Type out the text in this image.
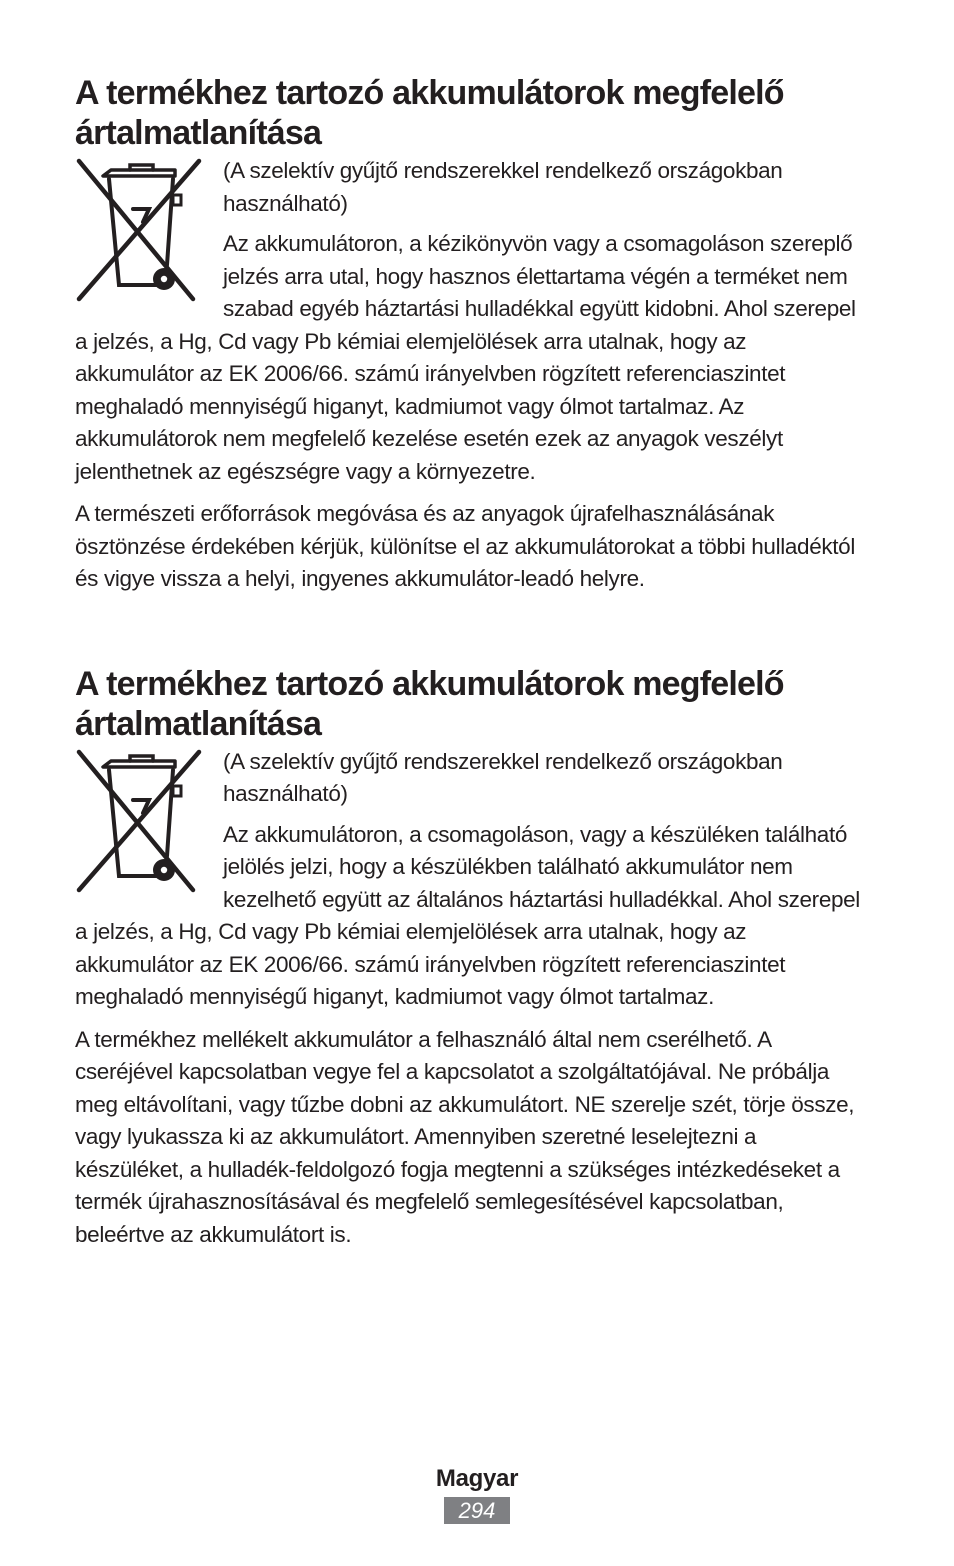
A termékhez tartozó akkumulátorok megfelelő ártalmatlanítása

(A szelektív gyűjtő rendszerekkel rendelkező országokban használható)

Az akkumulátoron, a kézikönyvön vagy a csomagoláson szereplő jelzés arra utal, hogy hasznos élettartama végén a terméket nem szabad egyéb háztartási hulladékkal együtt kidobni. Ahol szerepel a jelzés, a Hg, Cd vagy Pb kémiai elemjelölések arra utalnak, hogy az akkumulátor az EK 2006/66. számú irányelvben rögzített referenciaszintet meghaladó mennyiségű higanyt, kadmiumot vagy ólmot tartalmaz. Az akkumulátorok nem megfelelő kezelése esetén ezek az anyagok veszélyt jelenthetnek az egészségre vagy a környezetre.

A természeti erőforrások megóvása és az anyagok újrafelhasználásának ösztönzése érdekében kérjük, különítse el az akkumulátorokat a többi hulladéktól és vigye vissza a helyi, ingyenes akkumulátor-leadó helyre.

A termékhez tartozó akkumulátorok megfelelő ártalmatlanítása

(A szelektív gyűjtő rendszerekkel rendelkező országokban használható)

Az akkumulátoron, a csomagoláson, vagy a készüléken található jelölés jelzi, hogy a készülékben található akkumulátor nem kezelhető együtt az általános háztartási hulladékkal. Ahol szerepel a jelzés, a Hg, Cd vagy Pb kémiai elemjelölések arra utalnak, hogy az akkumulátor az EK 2006/66. számú irányelvben rögzített referenciaszintet meghaladó mennyiségű higanyt, kadmiumot vagy ólmot tartalmaz.

A termékhez mellékelt akkumulátor a felhasználó által nem cserélhető. A cseréjével kapcsolatban vegye fel a kapcsolatot a szolgáltatójával. Ne próbálja meg eltávolítani, vagy tűzbe dobni az akkumulátort. NE szerelje szét, törje össze, vagy lyukassza ki az akkumulátort. Amennyiben szeretné leselejtezni a készüléket, a hulladék-feldolgozó fogja megtenni a szükséges intézkedéseket a termék újrahasznosításával és megfelelő semlegesítésével kapcsolatban, beleértve az akkumulátort is.

Magyar
294
